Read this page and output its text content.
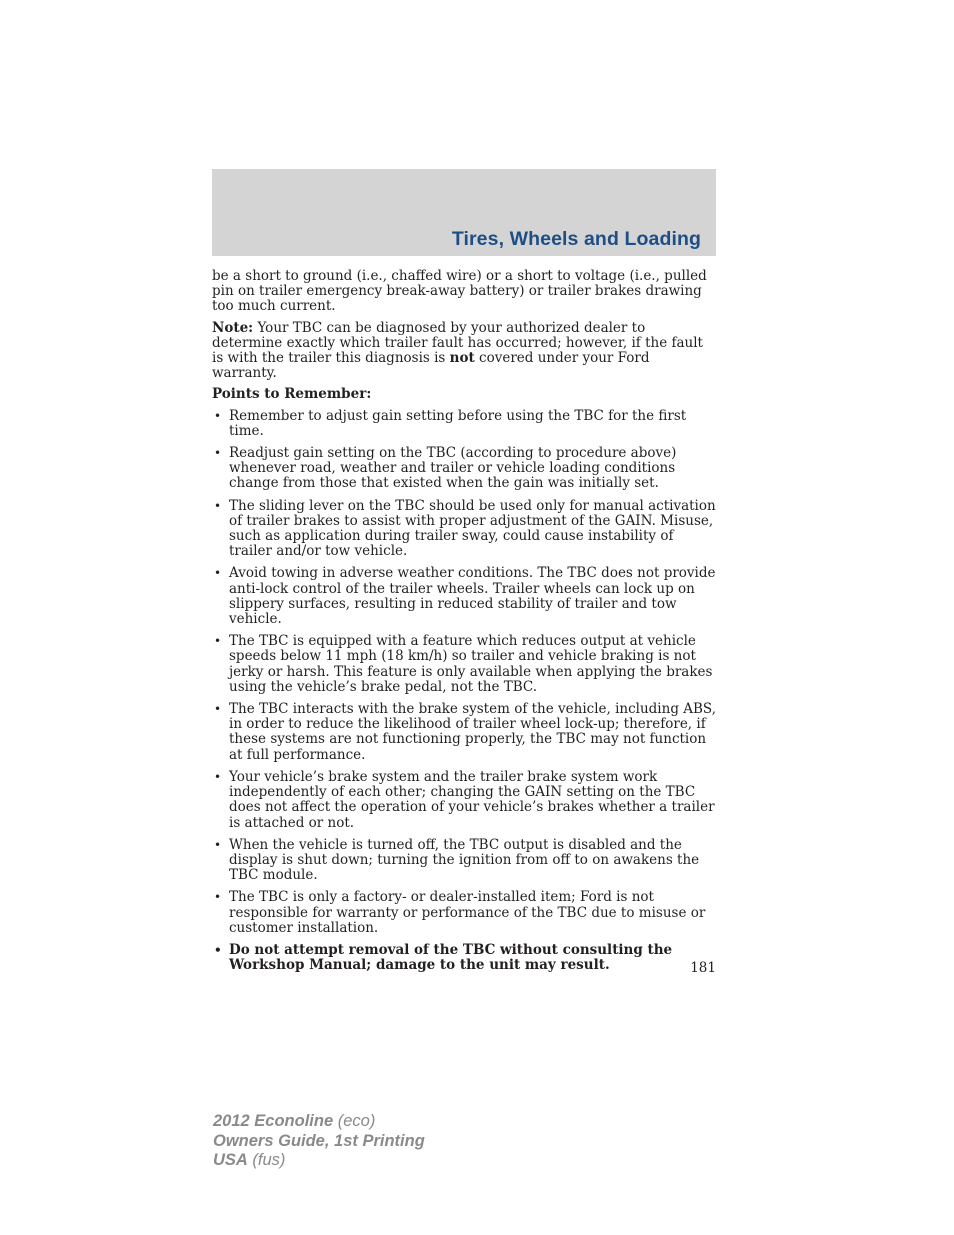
Tires, Wheels and Loading

be a short to ground (i.e., chaffed wire) or a short to voltage (i.e., pulled pin on trailer emergency break-away battery) or trailer brakes drawing too much current.

Note: Your TBC can be diagnosed by your authorized dealer to determine exactly which trailer fault has occurred; however, if the fault is with the trailer this diagnosis is not covered under your Ford warranty.

Points to Remember:

• Remember to adjust gain setting before using the TBC for the first time.
• Readjust gain setting on the TBC (according to procedure above) whenever road, weather and trailer or vehicle loading conditions change from those that existed when the gain was initially set.
• The sliding lever on the TBC should be used only for manual activation of trailer brakes to assist with proper adjustment of the GAIN. Misuse, such as application during trailer sway, could cause instability of trailer and/or tow vehicle.
• Avoid towing in adverse weather conditions. The TBC does not provide anti-lock control of the trailer wheels. Trailer wheels can lock up on slippery surfaces, resulting in reduced stability of trailer and tow vehicle.
• The TBC is equipped with a feature which reduces output at vehicle speeds below 11 mph (18 km/h) so trailer and vehicle braking is not jerky or harsh. This feature is only available when applying the brakes using the vehicle’s brake pedal, not the TBC.
• The TBC interacts with the brake system of the vehicle, including ABS, in order to reduce the likelihood of trailer wheel lock-up; therefore, if these systems are not functioning properly, the TBC may not function at full performance.
• Your vehicle’s brake system and the trailer brake system work independently of each other; changing the GAIN setting on the TBC does not affect the operation of your vehicle’s brakes whether a trailer is attached or not.
• When the vehicle is turned off, the TBC output is disabled and the display is shut down; turning the ignition from off to on awakens the TBC module.
• The TBC is only a factory- or dealer-installed item; Ford is not responsible for warranty or performance of the TBC due to misuse or customer installation.
• Do not attempt removal of the TBC without consulting the Workshop Manual; damage to the unit may result.	181
2012 Econoline (eco)
Owners Guide, 1st Printing
USA (fus)
